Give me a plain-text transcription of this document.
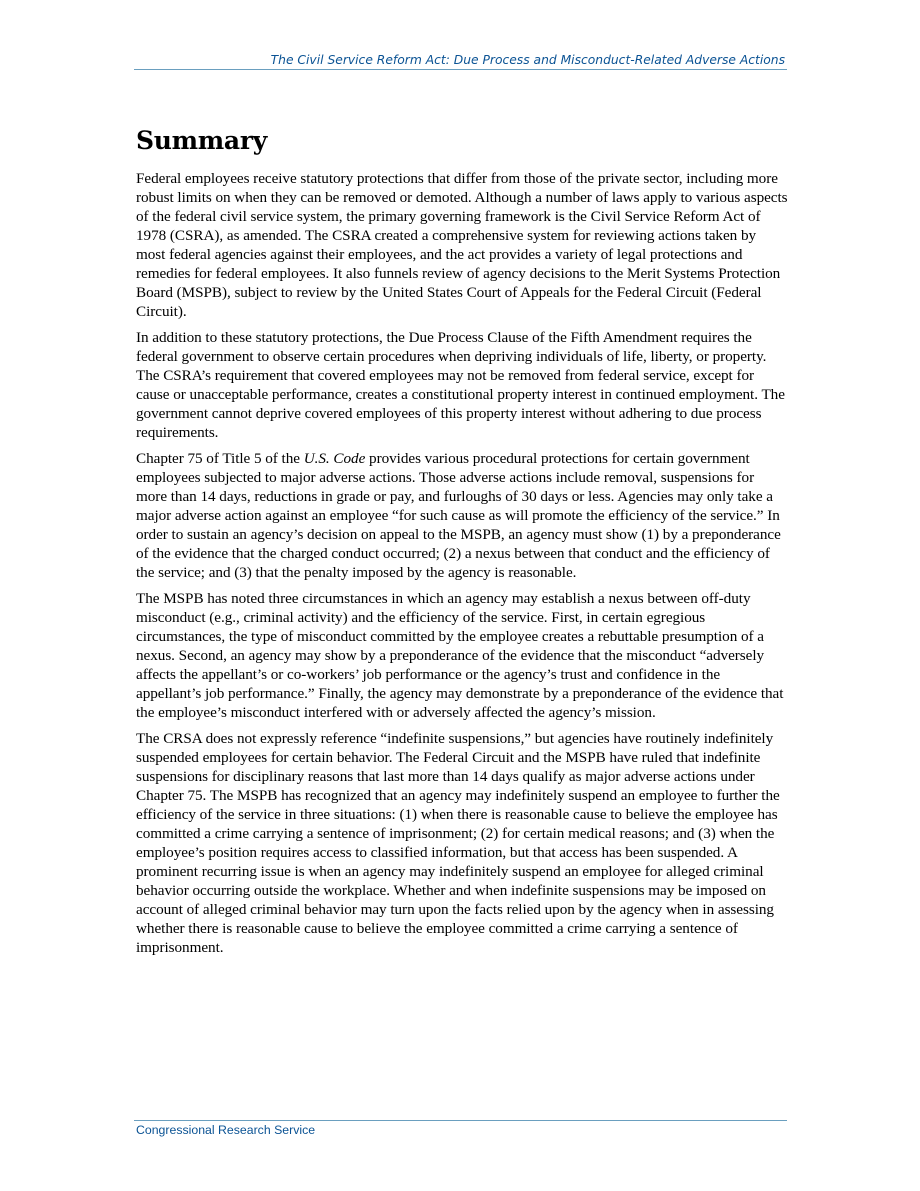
The Civil Service Reform Act: Due Process and Misconduct-Related Adverse Actions
Summary

Federal employees receive statutory protections that differ from those of the private sector, including more robust limits on when they can be removed or demoted. Although a number of laws apply to various aspects of the federal civil service system, the primary governing framework is the Civil Service Reform Act of 1978 (CSRA), as amended. The CSRA created a comprehensive system for reviewing actions taken by most federal agencies against their employees, and the act provides a variety of legal protections and remedies for federal employees. It also funnels review of agency decisions to the Merit Systems Protection Board (MSPB), subject to review by the United States Court of Appeals for the Federal Circuit (Federal Circuit).

In addition to these statutory protections, the Due Process Clause of the Fifth Amendment requires the federal government to observe certain procedures when depriving individuals of life, liberty, or property. The CSRA’s requirement that covered employees may not be removed from federal service, except for cause or unacceptable performance, creates a constitutional property interest in continued employment. The government cannot deprive covered employees of this property interest without adhering to due process requirements.

Chapter 75 of Title 5 of the U.S. Code provides various procedural protections for certain government employees subjected to major adverse actions. Those adverse actions include removal, suspensions for more than 14 days, reductions in grade or pay, and furloughs of 30 days or less. Agencies may only take a major adverse action against an employee “for such cause as will promote the efficiency of the service.” In order to sustain an agency’s decision on appeal to the MSPB, an agency must show (1) by a preponderance of the evidence that the charged conduct occurred; (2) a nexus between that conduct and the efficiency of the service; and (3) that the penalty imposed by the agency is reasonable.

The MSPB has noted three circumstances in which an agency may establish a nexus between off-duty misconduct (e.g., criminal activity) and the efficiency of the service. First, in certain egregious circumstances, the type of misconduct committed by the employee creates a rebuttable presumption of a nexus. Second, an agency may show by a preponderance of the evidence that the misconduct “adversely affects the appellant’s or co-workers’ job performance or the agency’s trust and confidence in the appellant’s job performance.” Finally, the agency may demonstrate by a preponderance of the evidence that the employee’s misconduct interfered with or adversely affected the agency’s mission.

The CRSA does not expressly reference “indefinite suspensions,” but agencies have routinely indefinitely suspended employees for certain behavior. The Federal Circuit and the MSPB have ruled that indefinite suspensions for disciplinary reasons that last more than 14 days qualify as major adverse actions under Chapter 75. The MSPB has recognized that an agency may indefinitely suspend an employee to further the efficiency of the service in three situations: (1) when there is reasonable cause to believe the employee has committed a crime carrying a sentence of imprisonment; (2) for certain medical reasons; and (3) when the employee’s position requires access to classified information, but that access has been suspended. A prominent recurring issue is when an agency may indefinitely suspend an employee for alleged criminal behavior occurring outside the workplace. Whether and when indefinite suspensions may be imposed on account of alleged criminal behavior may turn upon the facts relied upon by the agency when in assessing whether there is reasonable cause to believe the employee committed a crime carrying a sentence of imprisonment.

Congressional Research Service
